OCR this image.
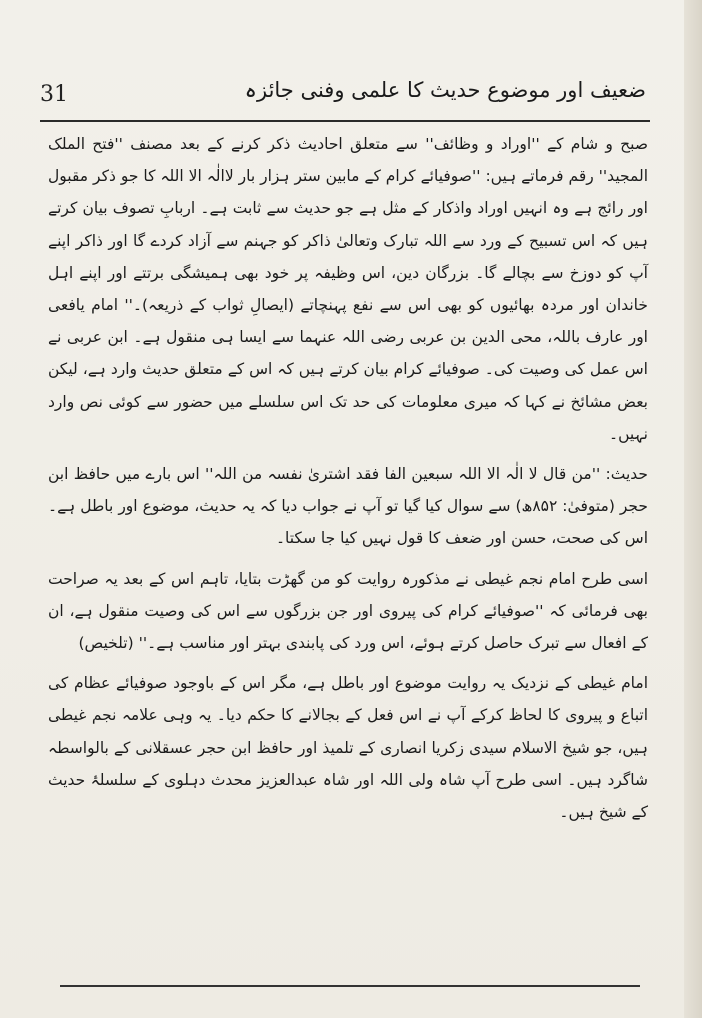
31	ضعیف اور موضوع حدیث کا علمی وفنی جائزہ

صبح و شام کے ''اوراد و وظائف'' سے متعلق احادیث ذکر کرنے کے بعد مصنف ''فتح الملک المجید'' رقم فرماتے ہیں: ''صوفیائے کرام کے مابین ستر ہزار بار لاالٰہ الا اللہ کا جو ذکر مقبول اور رائج ہے وہ انہیں اوراد واذکار کے مثل ہے جو حدیث سے ثابت ہے۔ اربابِ تصوف بیان کرتے ہیں کہ اس تسبیح کے ورد سے اللہ تبارک وتعالیٰ ذاکر کو جہنم سے آزاد کردے گا اور ذاکر اپنے آپ کو دوزخ سے بچالے گا۔ بزرگان دین، اس وظیفہ پر خود بھی ہمیشگی برتتے اور اپنے اہل خاندان اور مردہ بھائیوں کو بھی اس سے نفع پہنچاتے (ایصالِ ثواب کے ذریعہ)۔'' امام یافعی اور عارف باللہ، محی الدین بن عربی رضی اللہ عنہما سے ایسا ہی منقول ہے۔ ابن عربی نے اس عمل کی وصیت کی۔ صوفیائے کرام بیان کرتے ہیں کہ اس کے متعلق حدیث وارد ہے، لیکن بعض مشائخ نے کہا کہ میری معلومات کی حد تک اس سلسلے میں حضور سے کوئی نص وارد نہیں۔

حدیث: ''من قال لا الٰہ الا اللہ سبعین الفا فقد اشتریٰ نفسہ من اللہ'' اس بارے میں حافظ ابن حجر (متوفیٰ: ۸۵۲ھ) سے سوال کیا گیا تو آپ نے جواب دیا کہ یہ حدیث، موضوع اور باطل ہے۔ اس کی صحت، حسن اور ضعف کا قول نہیں کیا جا سکتا۔

اسی طرح امام نجم غیطی نے مذکورہ روایت کو من گھڑت بتایا، تاہم اس کے بعد یہ صراحت بھی فرمائی کہ ''صوفیائے کرام کی پیروی اور جن بزرگوں سے اس کی وصیت منقول ہے، ان کے افعال سے تبرک حاصل کرتے ہوئے، اس ورد کی پابندی بہتر اور مناسب ہے۔'' (تلخیص)

امام غیطی کے نزدیک یہ روایت موضوع اور باطل ہے، مگر اس کے باوجود صوفیائے عظام کی اتباع و پیروی کا لحاظ کرکے آپ نے اس فعل کے بجالانے کا حکم دیا۔ یہ وہی علامہ نجم غیطی ہیں، جو شیخ الاسلام سیدی زکریا انصاری کے تلمیذ اور حافظ ابن حجر عسقلانی کے بالواسطہ شاگرد ہیں۔ اسی طرح آپ شاہ ولی اللہ اور شاہ عبدالعزیز محدث دہلوی کے سلسلۂ حدیث کے شیخ ہیں۔
